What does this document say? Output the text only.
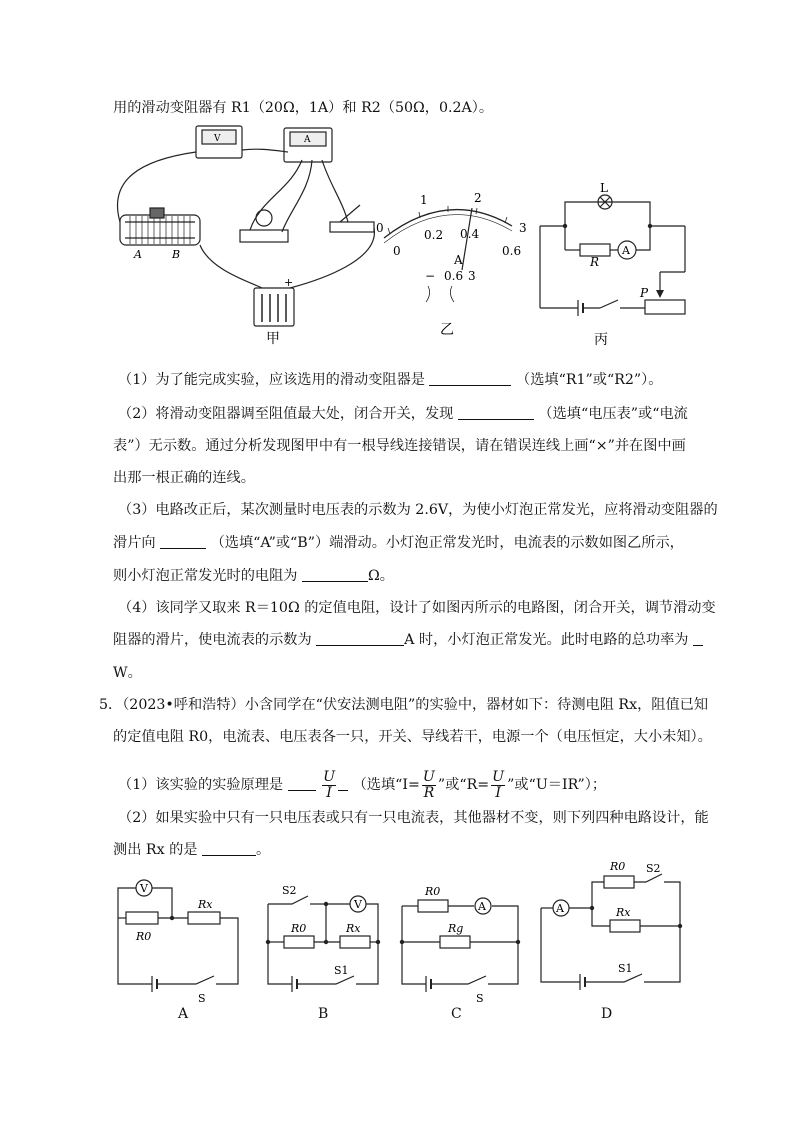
用的滑动变阻器有 R1（20Ω，1A）和 R2（50Ω，0.2A）。
A	B
V	A
+
甲
0
1	2
3
0
0.2 0.4
0.6
A
− 0.6 3
乙
L
R
A
P
丙
（1）为了能完成实验，应该选用的滑动变阻器是	（选填“R1”或“R2”）。
（2）将滑动变阻器调至阻值最大处，闭合开关，发现	（选填“电压表”或“电流
表”）无示数。通过分析发现图甲中有一根导线连接错误，请在错误连线上画“×”并在图中画
出那一根正确的连线。
（3）电路改正后，某次测量时电压表的示数为 2.6V，为使小灯泡正常发光，应将滑动变阻器的
滑片向	（选填“A”或“B”）端滑动。小灯泡正常发光时，电流表的示数如图乙所示，
则小灯泡正常发光时的电阻为	Ω。
（4）该同学又取来 R＝10Ω 的定值电阻，设计了如图丙所示的电路图，闭合开关，调节滑动变
阻器的滑片，使电流表的示数为	A 时，小灯泡正常发光。此时电路的总功率为
W。
5．（2023•呼和浩特）小含同学在“伏安法测电阻”的实验中，器材如下：待测电阻 Rx，阻值已知
的定值电阻 R0，电流表、电压表各一只，开关、导线若干，电源一个（电压恒定，大小未知）。
（1）该实验的实验原理是	$\frac{U}{I}$ （选填“$I= \frac{U}{R}$ ”或“$R= \frac{U}{I}$ ”或“U＝IR”）；
（2）如果实验中只有一只电压表或只有一只电流表，其他器材不变，则下列四种电路设计，能
测出 Rx 的是	。
V
R0
Rx
S
V
S2
R0	Rx
S1
A
R0
Rg
S
A
R0 S2
Rx
S1
A	B	C	D
